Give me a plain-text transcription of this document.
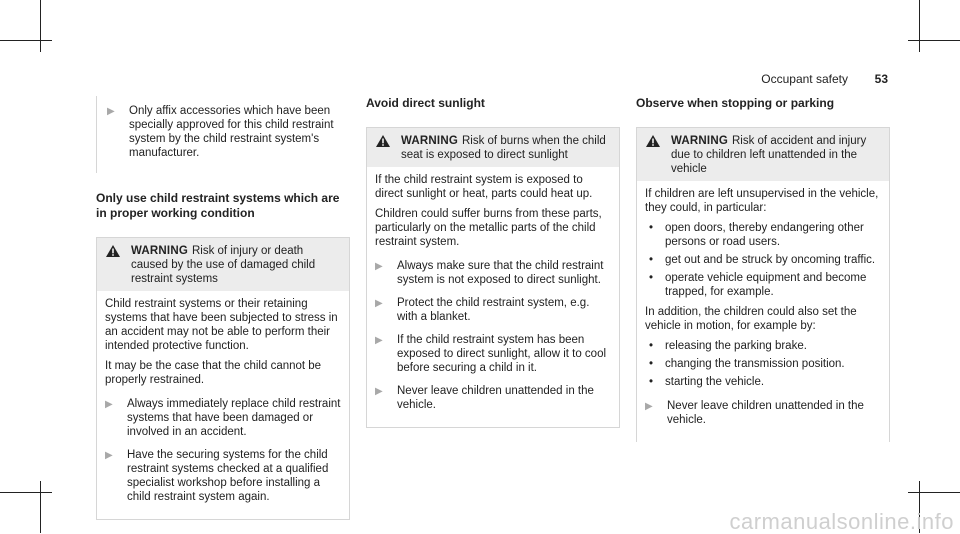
Occupant safety 53
▶	Only affix accessories which have been specially approved for this child restraint system by the child restraint system's manufacturer.
Only use child restraint systems which are in proper working condition
WARNING Risk of injury or death caused by the use of damaged child restraint systems

Child restraint systems or their retaining systems that have been subjected to stress in an accident may not be able to perform their intended protective function.

It may be the case that the child cannot be properly restrained.

▶	Always immediately replace child restraint systems that have been damaged or involved in an accident.
▶	Have the securing systems for the child restraint systems checked at a qualified specialist workshop before installing a child restraint system again.
Avoid direct sunlight
WARNING Risk of burns when the child seat is exposed to direct sunlight

If the child restraint system is exposed to direct sunlight or heat, parts could heat up.

Children could suffer burns from these parts, particularly on the metallic parts of the child restraint system.

▶	Always make sure that the child restraint system is not exposed to direct sunlight.
▶	Protect the child restraint system, e.g. with a blanket.
▶	If the child restraint system has been exposed to direct sunlight, allow it to cool before securing a child in it.
▶	Never leave children unattended in the vehicle.
Observe when stopping or parking
WARNING Risk of accident and injury due to children left unattended in the vehicle

If children are left unsupervised in the vehicle, they could, in particular:

•	open doors, thereby endangering other persons or road users.
•	get out and be struck by oncoming traffic.
•	operate vehicle equipment and become trapped, for example.

In addition, the children could also set the vehicle in motion, for example by:

•	releasing the parking brake.
•	changing the transmission position.
•	starting the vehicle.
▶	Never leave children unattended in the vehicle.
carmanualsonline.info
